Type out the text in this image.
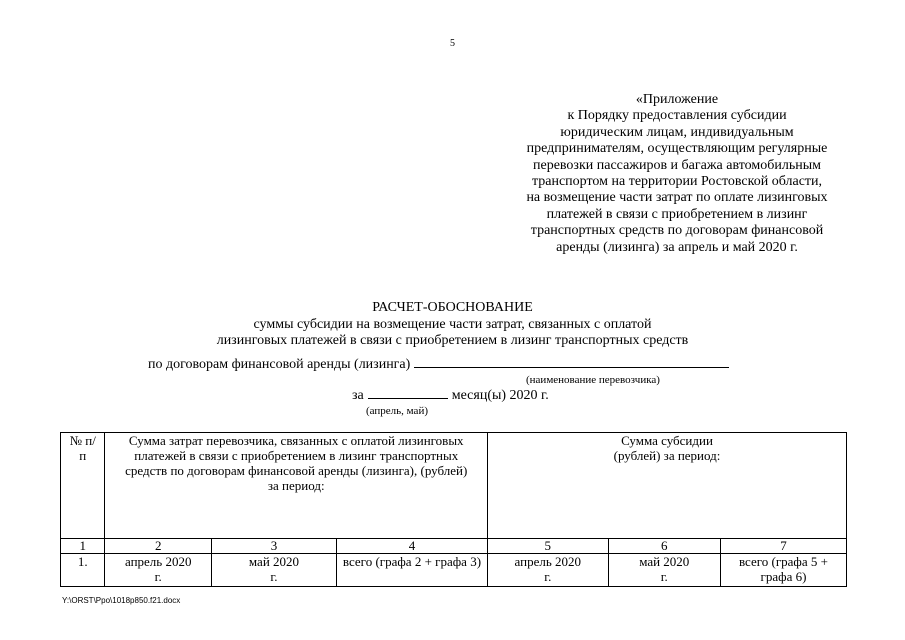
5
«Приложение
к Порядку предоставления субсидии
юридическим лицам, индивидуальным
предпринимателям, осуществляющим регулярные
перевозки пассажиров и багажа автомобильным
транспортом на территории Ростовской области,
на возмещение части затрат по оплате лизинговых
платежей в связи с приобретением в лизинг
транспортных средств по договорам финансовой
аренды (лизинга) за апрель и май 2020 г.
РАСЧЕТ-ОБОСНОВАНИЕ
суммы субсидии на возмещение части затрат, связанных с оплатой
лизинговых платежей в связи с приобретением в лизинг транспортных средств
по договорам финансовой аренды (лизинга)
(наименование перевозчика)
за	месяц(ы) 2020 г.
(апрель, май)
№ п/п	Сумма затрат перевозчика, связанных с оплатой лизинговых платежей в связи с приобретением в лизинг транспортных средств по договорам финансовой аренды (лизинга), (рублей) за период:			Сумма субсидии (рублей) за период:		

1	2	3	4	5	6	7
1.	апрель 2020 г.	май 2020 г.	всего (графа 2 + графа 3)	апрель 2020 г.	май 2020 г.	всего (графа 5 + графа 6)
Y:\ORST\Ppo\1018p850.f21.docx
